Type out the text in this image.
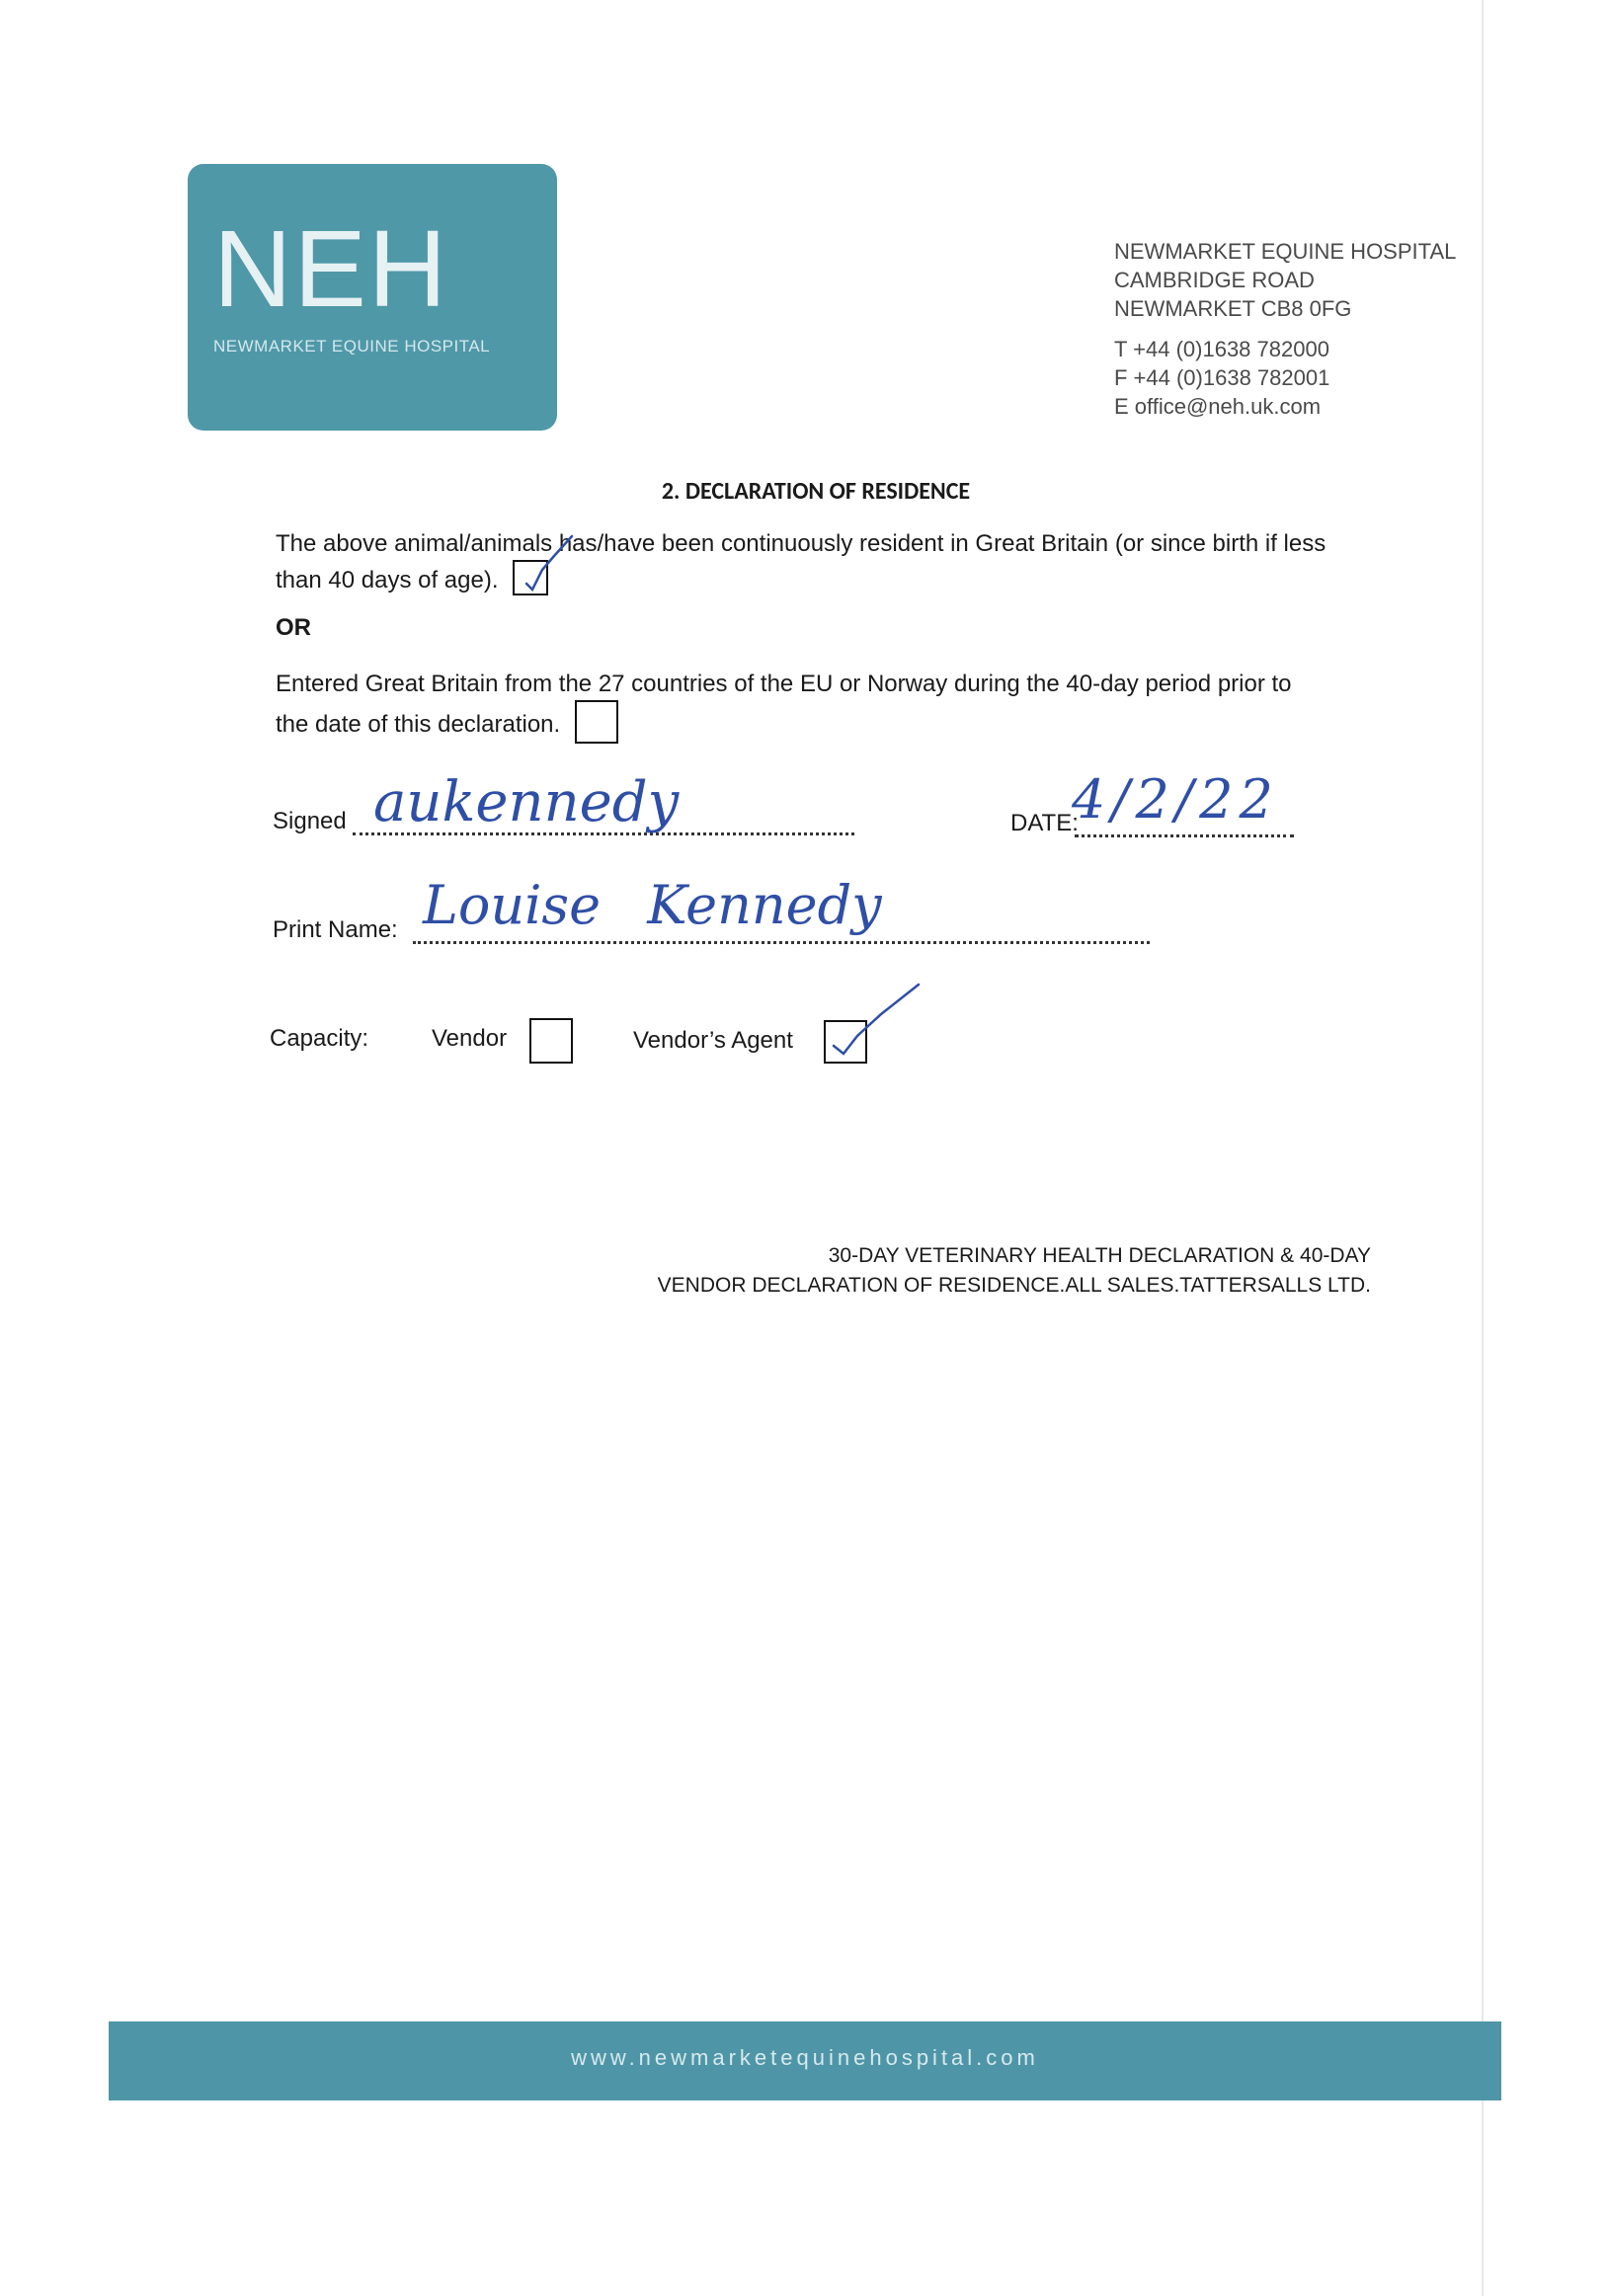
NEH
NEWMARKET EQUINE HOSPITAL
NEWMARKET EQUINE HOSPITAL
CAMBRIDGE ROAD
NEWMARKET CB8 0FG
T +44 (0)1638 782000
F +44 (0)1638 782001
E office@neh.uk.com
2. DECLARATION OF RESIDENCE
The above animal/animals has/have been continuously resident in Great Britain (or since birth if less
than 40 days of age).
OR
Entered Great Britain from the 27 countries of the EU or Norway during the 40-day period prior to
the date of this declaration.
Signed aukennedy	DATE:
4/2/22
Print Name: Louise Kennedy
Capacity:	Vendor	Vendor’s Agent
30-DAY VETERINARY HEALTH DECLARATION & 40-DAY
VENDOR DECLARATION OF RESIDENCE.ALL SALES.TATTERSALLS LTD.
www.newmarketequinehospital.com
